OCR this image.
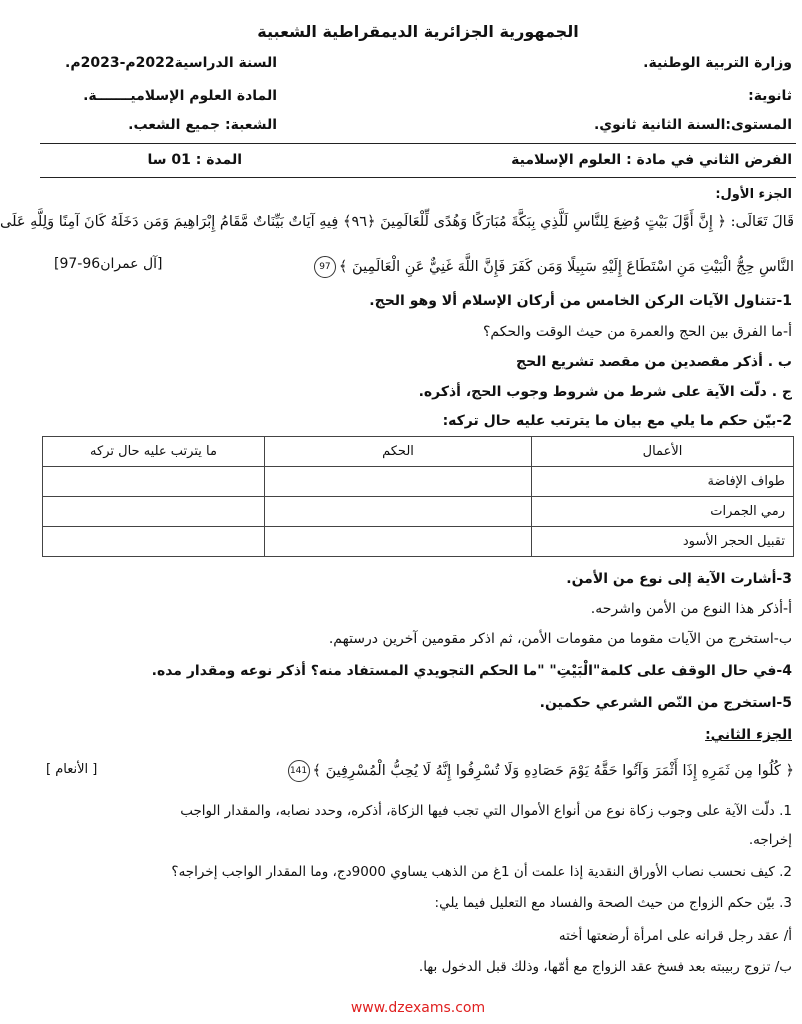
الجمهورية الجزائرية الديمقراطية الشعبية
وزارة التربية الوطنية.
السنة الدراسية2022م-2023م.
ثانوية:
المادة العلوم الإسلاميـــــــة.
المستوى:السنة الثانية ثانوي.
الشعبة: جميع الشعب.
الفرض الثاني في مادة : العلوم الإسلامية
المدة : 01 سا
الجزء الأول:
قَالَ تَعَالَى: ﴿ إِنَّ أَوَّلَ بَيْتٍ وُضِعَ لِلنَّاسِ لَلَّذِي بِبَكَّةَ مُبَارَكًا وَهُدًى لِّلْعَالَمِينَ ﴿٩٦﴾ فِيهِ آيَاتٌ بَيِّنَاتٌ مَّقَامُ إِبْرَاهِيمَ وَمَن دَخَلَهُ كَانَ آمِنًا وَلِلَّهِ عَلَى
النَّاسِ حِجُّ الْبَيْتِ مَنِ اسْتَطَاعَ إِلَيْهِ سَبِيلًا وَمَن كَفَرَ فَإِنَّ اللَّهَ غَنِيٌّ عَنِ الْعَالَمِينَ ﴾97
[آل عمران96-97]
1-تتناول الآيات الركن الخامس من أركان الإسلام ألا وهو الحج.
أ-ما الفرق بين الحج والعمرة من حيث الوقت والحكم؟
ب . أذكر مقصدين من مقصد تشريع الحج
ج . دلّت الآية على شرط من شروط وجوب الحج، أذكره.
2-بيّن حكم ما يلي مع بيان ما يترتب عليه حال تركه:
الأعمال	الحكم	ما يترتب عليه حال تركه
طواف الإفاضة		
رمي الجمرات		
تقبيل الحجر الأسود		
3-أشارت الآية إلى نوع من الأمن.
أ-أذكر هذا النوع من الأمن واشرحه.
ب-استخرج من الآيات مقوما من مقومات الأمن، ثم اذكر مقومين آخرين درستهم.
4-في حال الوقف على كلمة"الْبَيْتِ" "ما الحكم التجويدي المستفاد منه؟ أذكر نوعه ومقدار مده.
5-استخرج من النّص الشرعي حكمين.
الجزء الثاني:
﴿ كُلُوا مِن ثَمَرِهِ إِذَا أَثْمَرَ وَآتُوا حَقَّهُ يَوْمَ حَصَادِهِ وَلَا تُسْرِفُوا إِنَّهُ لَا يُحِبُّ الْمُسْرِفِينَ ﴾141
[ الأنعام ]
1. دلّت الآية على وجوب زكاة نوع من أنواع الأموال التي تجب فيها الزكاة، أذكره، وحدد نصابه، والمقدار الواجب
إخراجه.
2. كيف نحسب نصاب الأوراق النقدية إذا علمت أن 1غ من الذهب يساوي 9000دج، وما المقدار الواجب إخراجه؟
3. بيّن حكم الزواج من حيث الصحة والفساد مع التعليل فيما يلي:
أ/ عقد رجل قرانه على امرأة أرضعتها أخته
ب/ تزوج ربيبته بعد فسخ عقد الزواج مع أمّها، وذلك قبل الدخول بها.
www.dzexams.com
